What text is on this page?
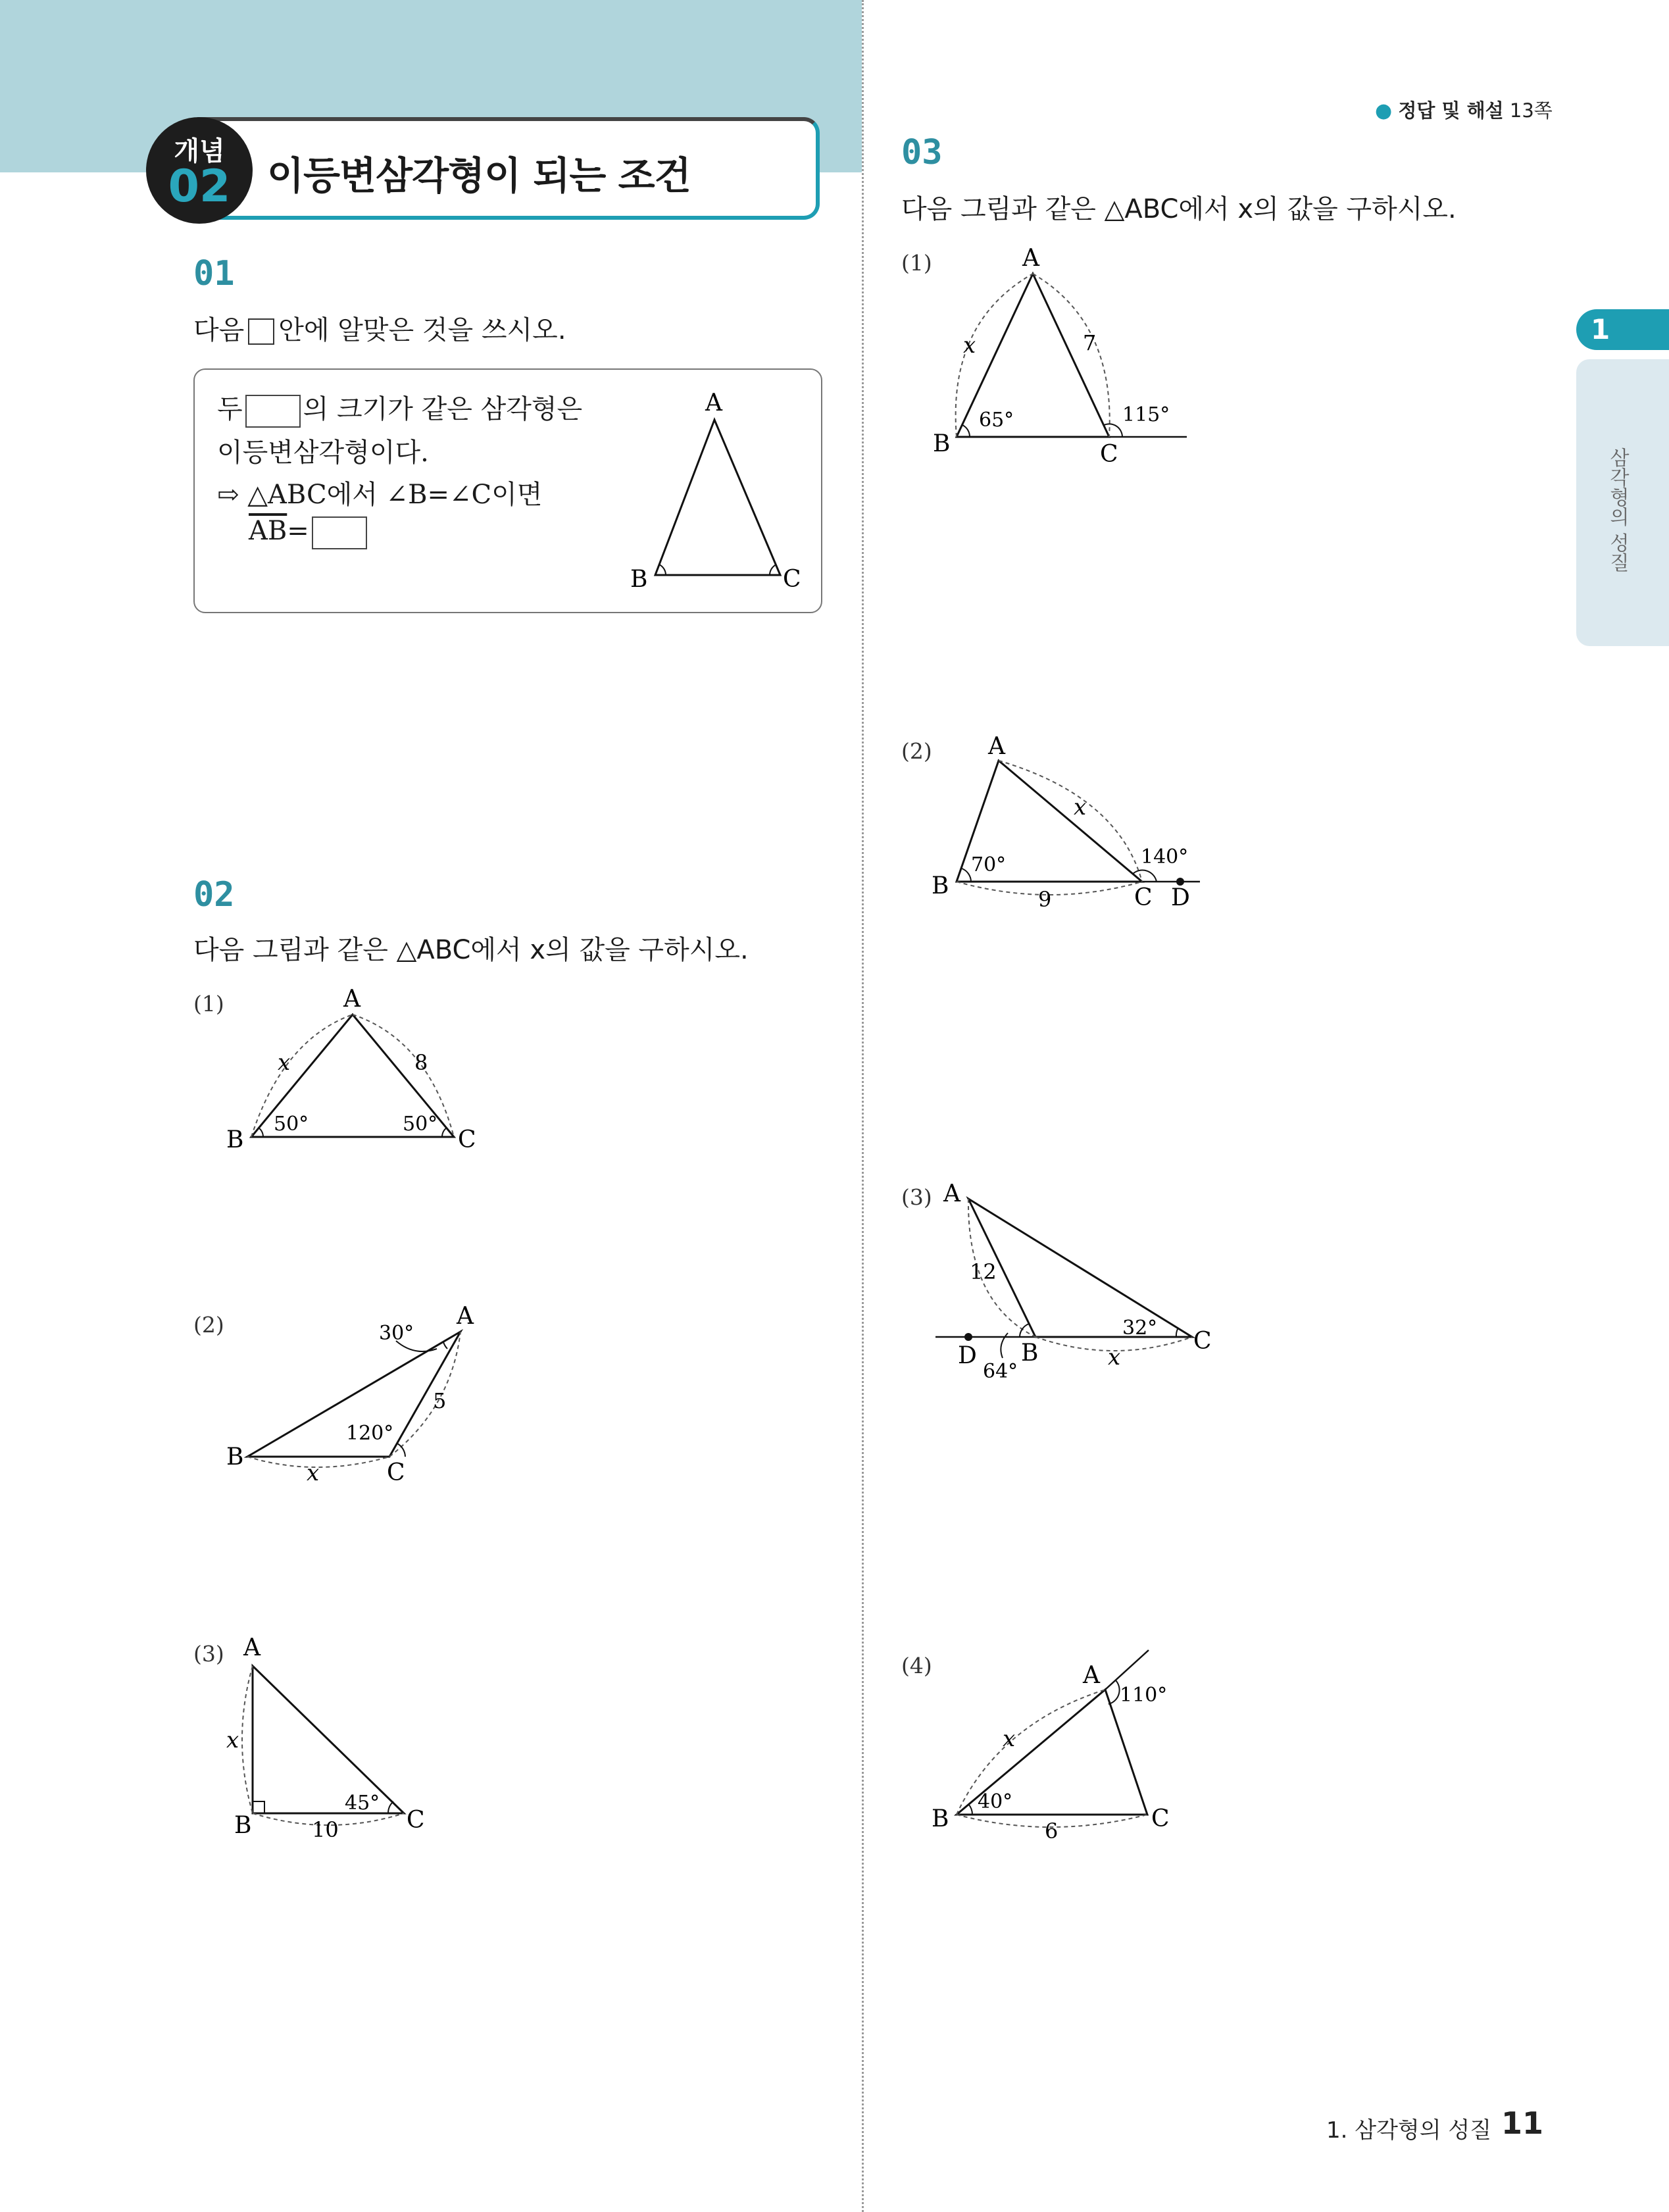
개념
02 이등변삼각형이 되는 조건
● 정답 및 해설 13쪽
1
삼각형의 성질
01
다음 안에 알맞은 것을 쓰시오.
두 의 크기가 같은 삼각형은
이등변삼각형이다.
⇨ △ABC에서 ∠B=∠C이면
$\overline{AB}=$
A
B	C
02
다음 그림과 같은 △ABC에서 x의 값을 구하시오.
(1)	A
B	C
x	8
50°	50°
(2)	A
B
C
x
5
30°
120°
(3) A
B	C
x
10
45°
03
다음 그림과 같은 △ABC에서 x의 값을 구하시오.
(1)	A
B	C
x	7
65°	115°
(2) A
B	C D
x
9
70°	140°
(3) A
B	C
D	x
12
32°
64°
(4)	A
B	C
x
6
40°
110°
1. 삼각형의 성질 11
